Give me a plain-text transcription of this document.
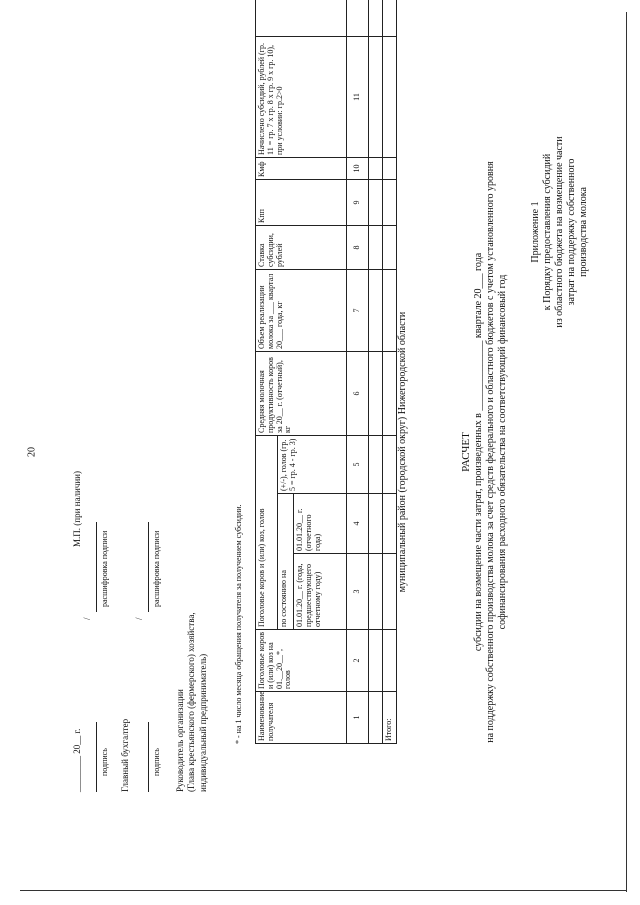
20
Приложение 1 к Порядку предоставления субсидий из областного бюджета на возмещение части затрат на поддержку собственного производства молока
РАСЧЕТ субсидии на возмещение части затрат, произведенных в ______________ квартале 20___ года на поддержку собственного производства молока за счет средств федерального и областного бюджетов с учетом установленного уровня софинансирования расходного обязательства на соответствующий финансовый год
муниципальный район (городской округ) Нижегородской области
Наименование получателя	Поголовье коров и (или) коз на 01.__20__*, голов	Поголовье коров и (или) коз, голов			Средняя молочная продуктивность коров за 20__ г. (отчетный), кг	Объем реализации молока за ___ квартал 20___ года, кг	Ставка субсидии, рублей	Кпп	Кмф	Начислено субсидий, рублей (гр. 11 = гр. 7 x гр. 8 x гр. 9 x гр. 10), при условии: гр.2>0	
		по состоянию на		(+/-), голов (гр. 5 = гр. 4 - гр. 3)							
		01.01.20__ г. (года, предшествующего отчетному году)	01.01.20__ г. (отчетного года)								
1	2	3	4	5	6	7	8	9	10	11	

Итого:											
* - на 1 число месяца обращения получателя за получением субсидии.
Руководитель организации (Глава крестьянского (фермерского) хозяйства, индивидуальный предприниматель)
подпись
/
расшифровка подписи
Главный бухгалтер
подпись
/
расшифровка подписи
________ 20__ г.
М.П. (при наличии)
